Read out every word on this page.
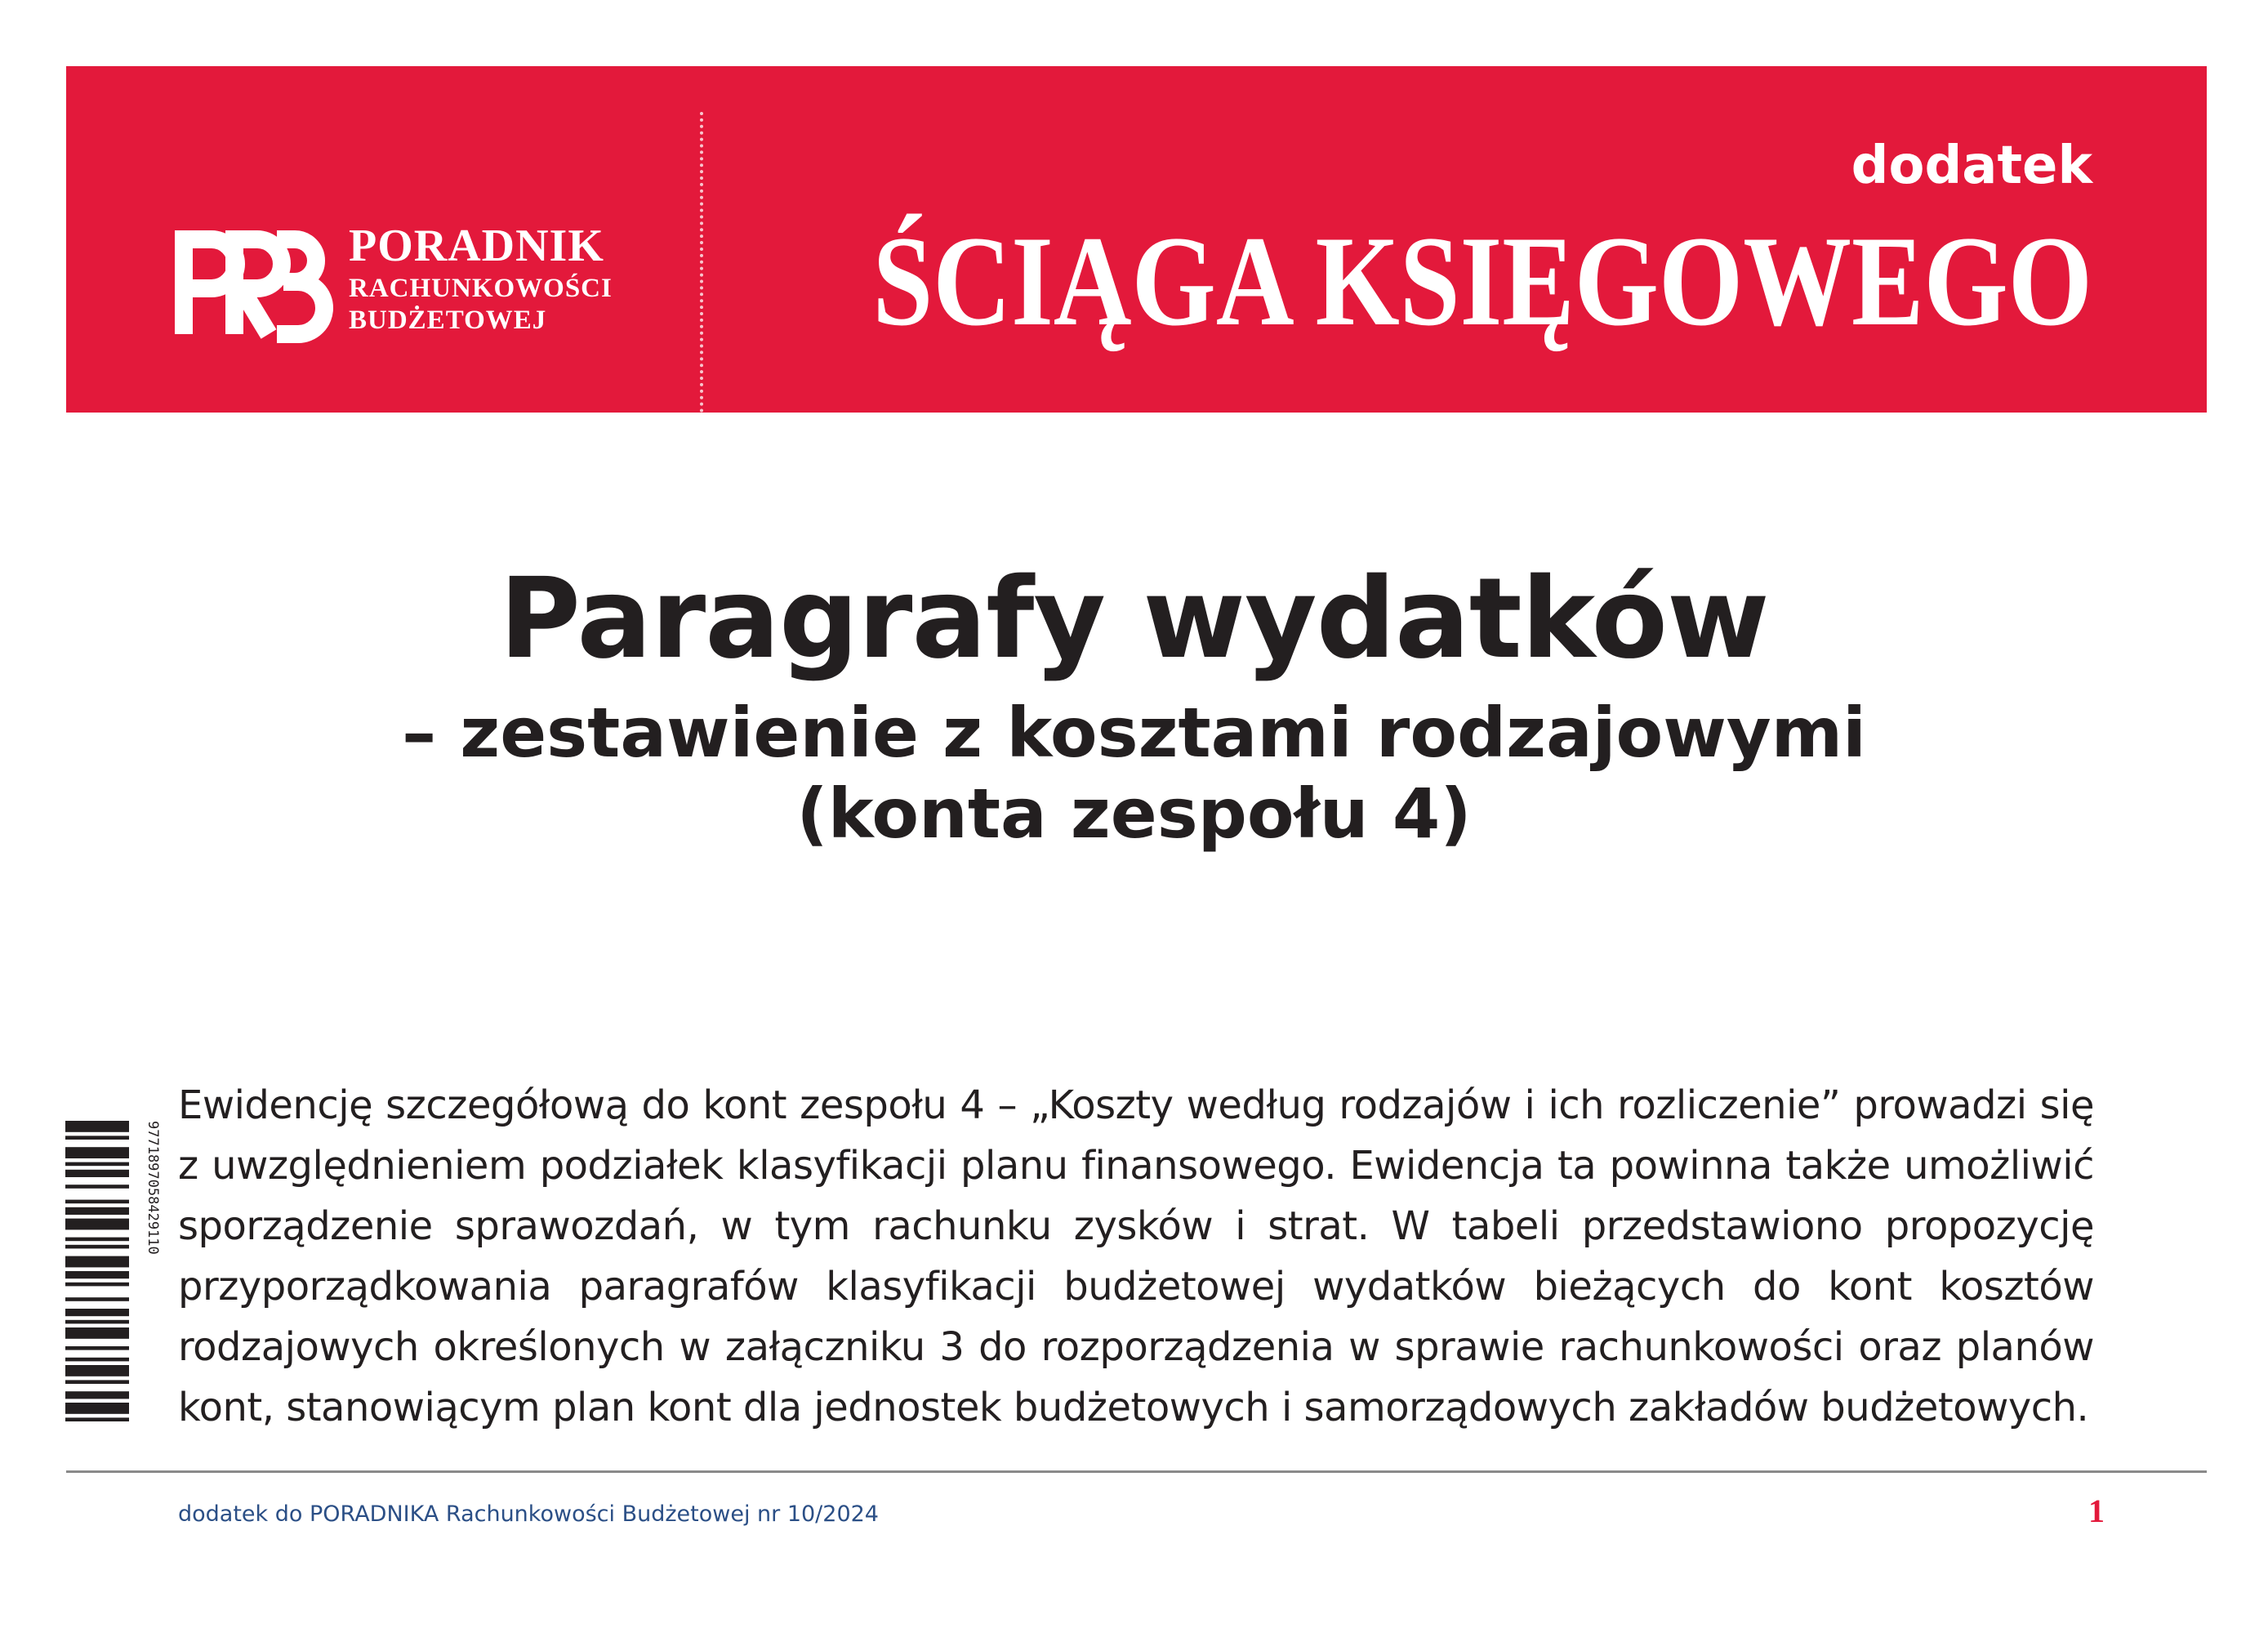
PORADNIK
RACHUNKOWOŚCI
BUDŻETOWEJ
dodatek
ŚCIĄGA KSIĘGOWEGO
Paragrafy wydatków
– zestawienie z kosztami rodzajowymi
(konta zespołu 4)
9771897058429110
Ewidencję szczegółową do kont zespołu 4 – „Koszty według rodzajów i ich rozliczenie” prowadzi się z uwzględnieniem podziałek klasyfikacji planu finansowego. Ewidencja ta powinna także umożliwić sporządzenie sprawozdań, w tym rachunku zysków i strat. W tabeli przedstawiono propozycję przyporządkowania paragrafów klasyfikacji budżetowej wydatków bieżących do kont kosztów rodzajowych określonych w załączniku 3 do rozporządzenia w sprawie rachunkowości oraz planów kont, stanowiącym plan kont dla jednostek budżetowych i samorządowych zakładów budżetowych.
dodatek do PORADNIKA Rachunkowości Budżetowej nr 10/2024	1
